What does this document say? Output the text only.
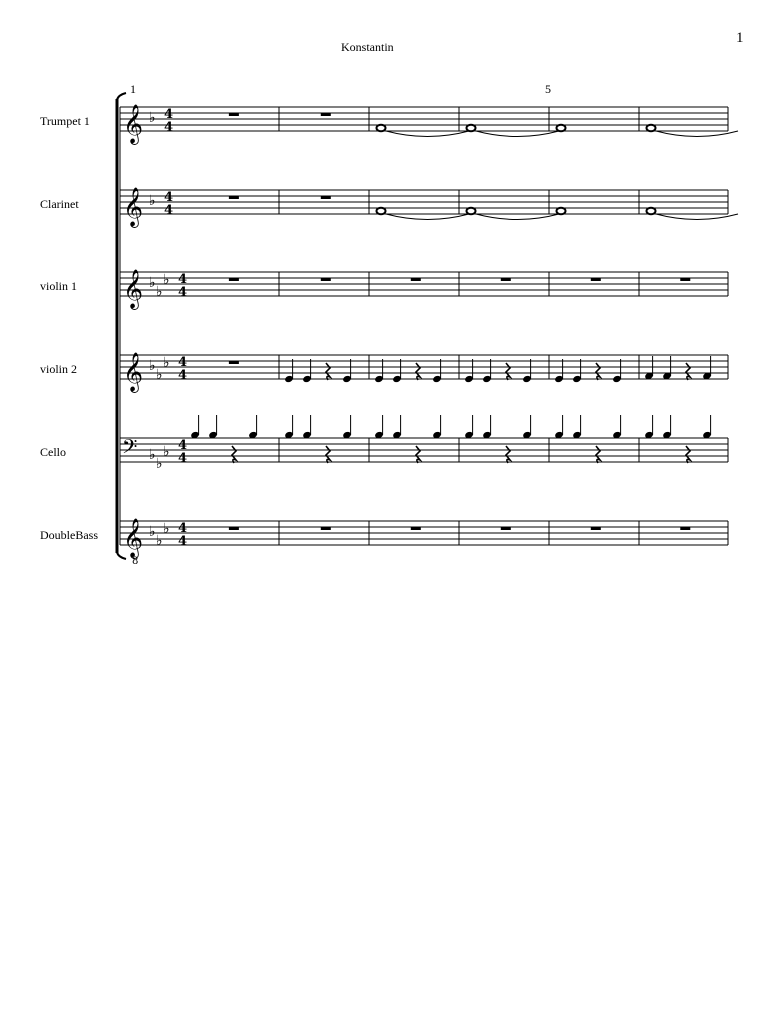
Konstantin
1
1	5
Trumpet 1
Clarinet
violin 1
violin 2
Cello
DoubleBass
𝄞 ♭ 4
4
𝄞 ♭ 4
4
𝄞 ♭
♭
♭ 4
4
𝄞 ♭
♭
♭ 4
4
𝄢 ♭
♭
♭ 4
4
𝄞
8
♭
♭
♭ 4
4
